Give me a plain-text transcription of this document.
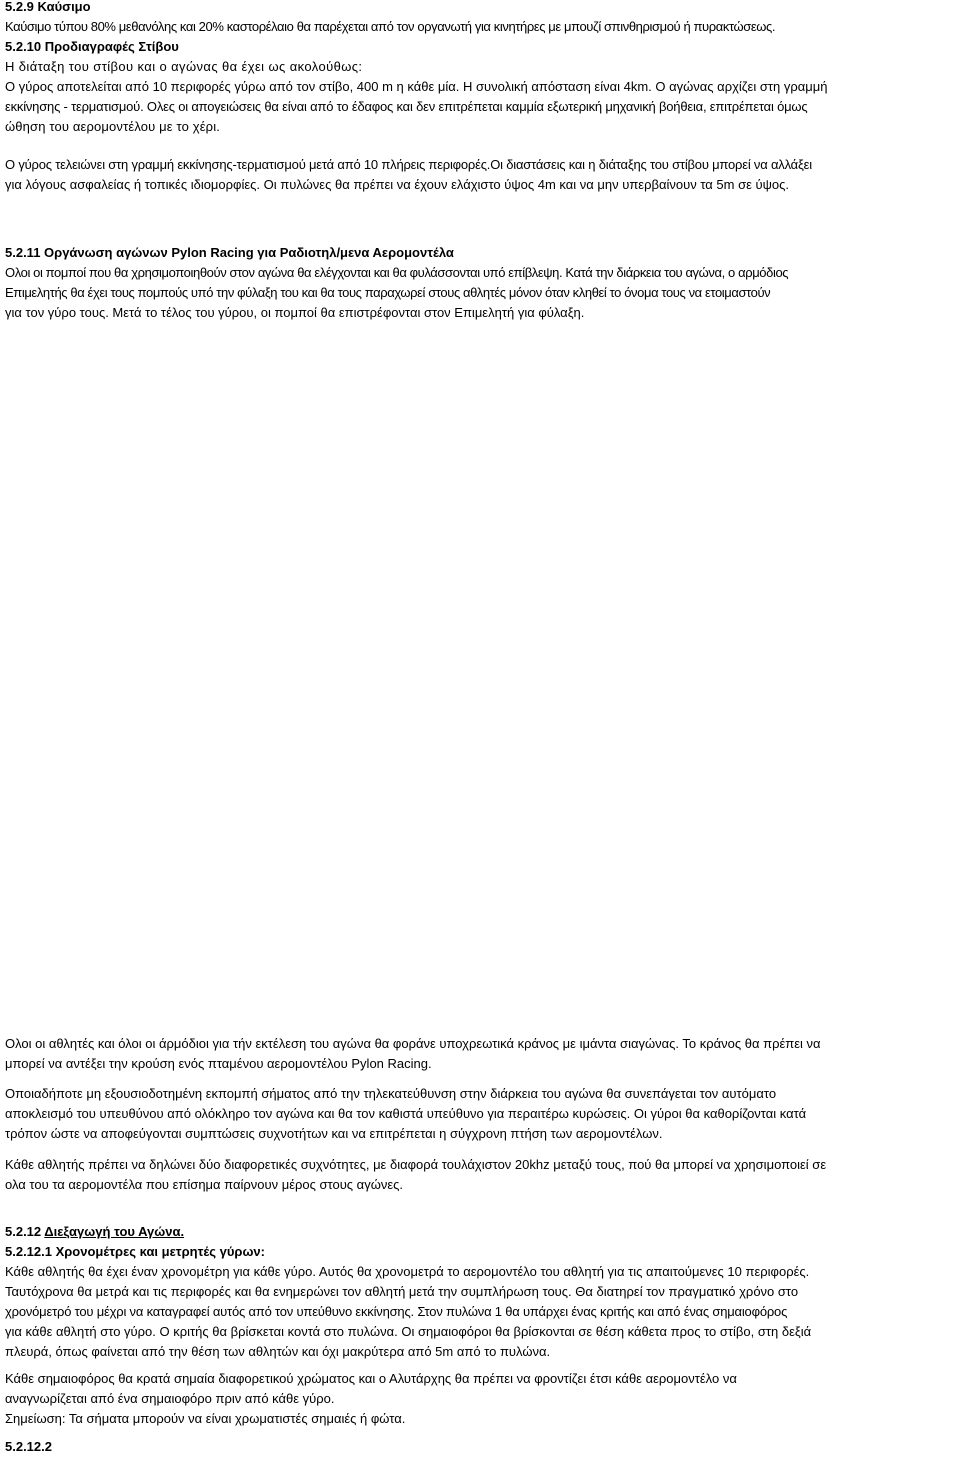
5.2.9 Καύσιμο
Καύσιμο τύπου 80% μεθανόλης και 20% καστορέλαιο θα παρέχεται από τον οργανωτή για κινητήρες με μπουζί σπινθηρισμού ή πυρακτώσεως.
5.2.10 Προδιαγραφές Στίβου
Η διάταξη του στίβου και ο αγώνας θα έχει ως ακολούθως:
Ο γύρος αποτελείται από 10 περιφορές γύρω από τον στίβο, 400 m η κάθε μία. Η συνολική απόσταση είναι 4km. Ο αγώνας αρχίζει στη γραμμή
εκκίνησης - τερματισμού. Ολες οι απογειώσεις θα είναι από το έδαφος και δεν επιτρέπεται καμμία εξωτερική μηχανική βοήθεια, επιτρέπεται όμως
ώθηση του αερομοντέλου με το χέρι.
Ο γύρος τελειώνει στη γραμμή εκκίνησης-τερματισμού μετά από 10 πλήρεις περιφορές.Οι διαστάσεις και η διάταξης του στίβου μπορεί να αλλάξει
για λόγους ασφαλείας ή τοπικές ιδιομορφίες. Οι πυλώνες θα πρέπει να έχουν ελάχιστο ύψος 4m και να μην υπερβαίνουν τα 5m σε ύψος.
5.2.11 Οργάνωση αγώνων Pylon Racing για Ραδιοτηλ/μενα Αερομοντέλα
Ολοι οι πομποί που θα χρησιμοποιηθούν στον αγώνα θα ελέγχονται και θα φυλάσσονται υπό επίβλεψη. Κατά την διάρκεια του αγώνα, ο αρμόδιος
Επιμελητής θα έχει τους πομπούς υπό την φύλαξη του και θα τους παραχωρεί στους αθλητές μόνον όταν κληθεί το όνομα τους να ετοιμαστούν
για τον γύρο τους. Μετά το τέλος του γύρου, οι πομποί θα επιστρέφονται στον Επιμελητή για φύλαξη.
Ολοι οι αθλητές και όλοι οι άρμόδιοι για τήν εκτέλεση του αγώνα θα φοράνε υποχρεωτικά κράνος με ιμάντα σιαγώνας. Το κράνος θα πρέπει να
μπορεί να αντέξει την κρούση ενός πταμένου αερομοντέλου Pylon Racing.
Οποιαδήποτε μη εξουσιοδοτημένη εκπομπή σήματος από την τηλεκατεύθυνση στην διάρκεια του αγώνα θα συνεπάγεται τον αυτόματο
αποκλεισμό του υπευθύνου από ολόκληρο τον αγώνα και θα τον καθιστά υπεύθυνο για περαιτέρω κυρώσεις. Οι γύροι θα καθορίζονται κατά
τρόπον ώστε να αποφεύγονται συμπτώσεις συχνοτήτων και να επιτρέπεται η σύγχρονη πτήση των αερομοντέλων.
Κάθε αθλητής πρέπει να δηλώνει δύο διαφορετικές συχνότητες, με διαφορά τουλάχιστον 20khz μεταξύ τους, πού θα μπορεί να χρησιμοποιεί σε
ολα του τα αερομοντέλα που επίσημα παίρνουν μέρος στους αγώνες.
5.2.12 Διεξαγωγή του Αγώνα.
5.2.12.1 Χρονομέτρες και μετρητές γύρων:
Κάθε αθλητής θα έχει έναν χρονομέτρη για κάθε γύρο. Αυτός θα χρονομετρά το αερομοντέλο του αθλητή για τις απαιτούμενες 10 περιφορές.
Ταυτόχρονα θα μετρά και τις περιφορές και θα ενημερώνει τον αθλητή μετά την συμπλήρωση τους. Θα διατηρεί τον πραγματικό χρόνο στο
χρονόμετρό του μέχρι να καταγραφεί αυτός από τον υπεύθυνο εκκίνησης. Στον πυλώνα 1 θα υπάρχει ένας κριτής και από ένας σημαιοφόρος
για κάθε αθλητή στο γύρο. Ο κριτής θα βρίσκεται κοντά στο πυλώνα. Οι σημαιοφόροι θα βρίσκονται σε θέση κάθετα προς το στίβο, στη δεξιά
πλευρά, όπως φαίνεται από την θέση των αθλητών και όχι μακρύτερα από 5m από το πυλώνα.
Κάθε σημαιοφόρος θα κρατά σημαία διαφορετικού χρώματος και ο Αλυτάρχης θα πρέπει να φροντίζει έτσι κάθε αερομοντέλο να
αναγνωρίζεται από ένα σημαιοφόρο πριν από κάθε γύρο.
Σημείωση: Τα σήματα μπορούν να είναι χρωματιστές σημαιές ή φώτα.
5.2.12.2
